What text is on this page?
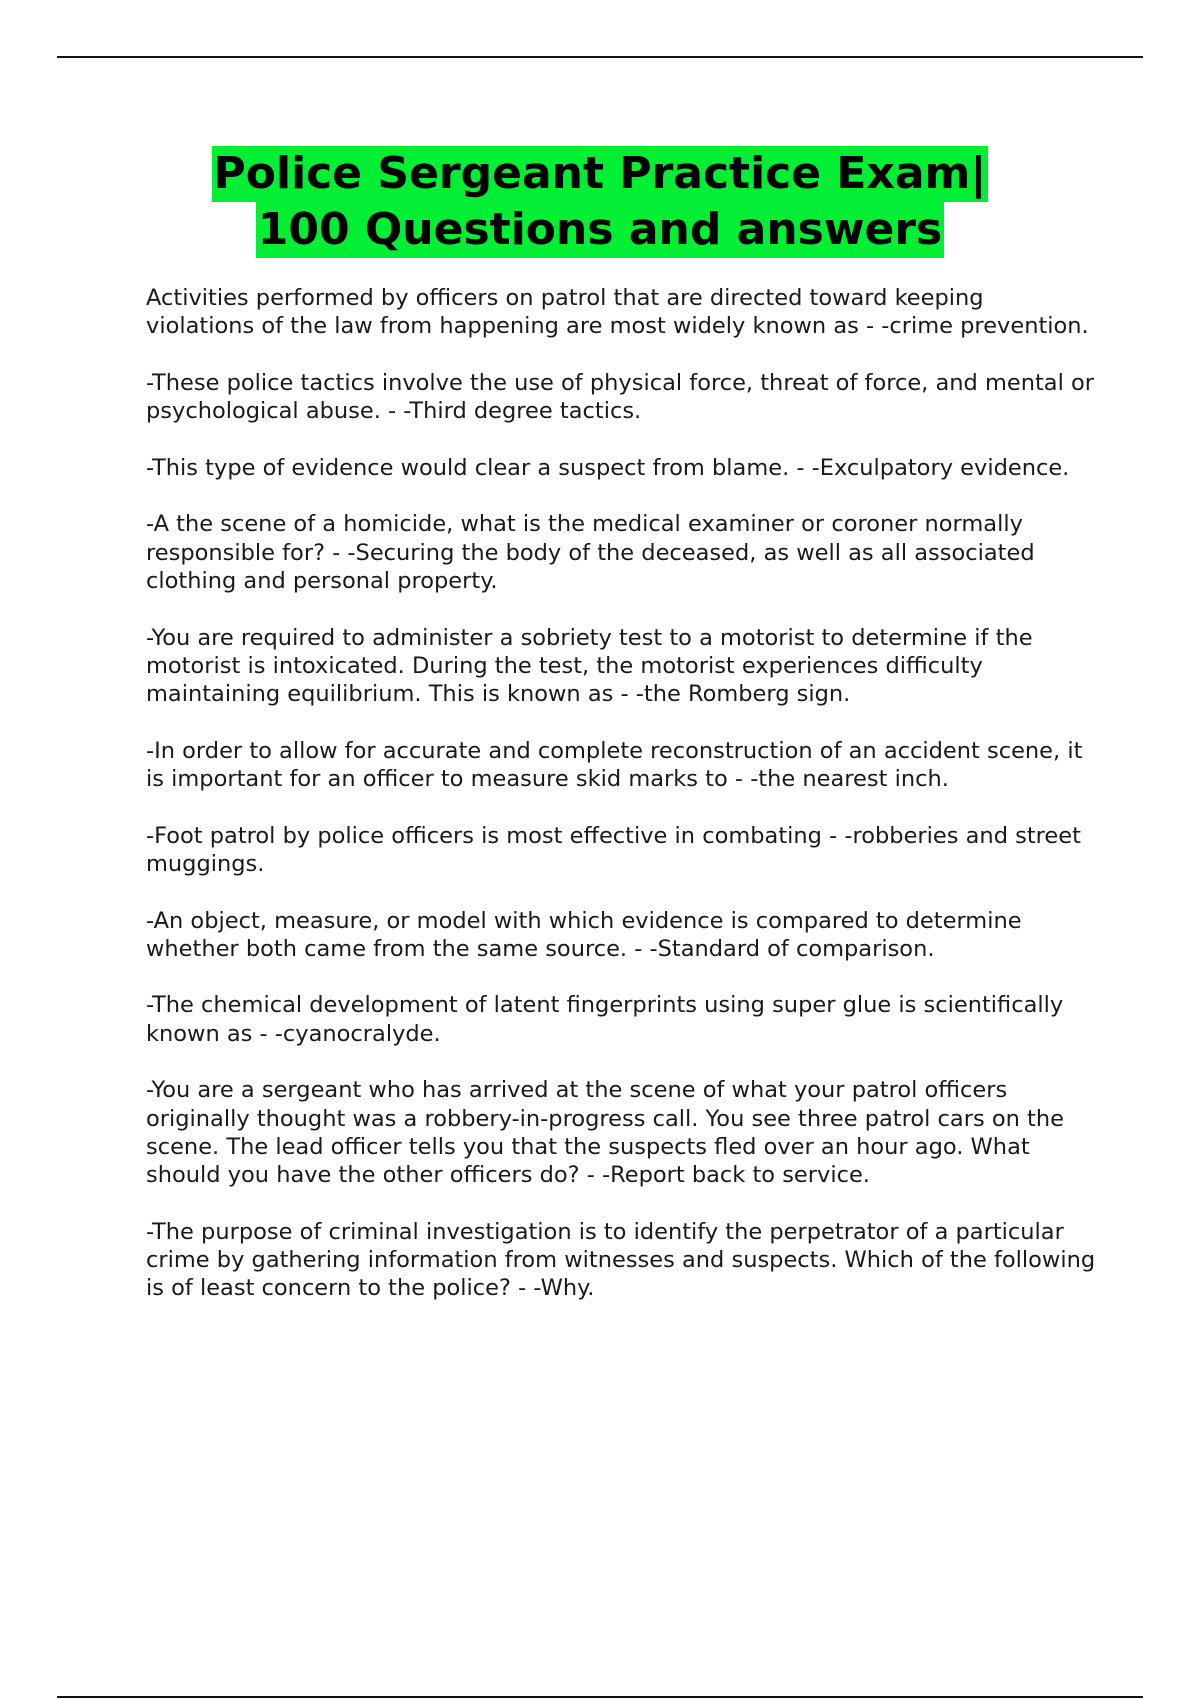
Police Sergeant Practice Exam|
100 Questions and answers

Activities performed by officers on patrol that are directed toward keeping violations of the law from happening are most widely known as - -crime prevention.

-These police tactics involve the use of physical force, threat of force, and mental or psychological abuse. - -Third degree tactics.

-This type of evidence would clear a suspect from blame. - -Exculpatory evidence.

-A the scene of a homicide, what is the medical examiner or coroner normally responsible for? - -Securing the body of the deceased, as well as all associated clothing and personal property.

-You are required to administer a sobriety test to a motorist to determine if the motorist is intoxicated. During the test, the motorist experiences difficulty maintaining equilibrium. This is known as - -the Romberg sign.

-In order to allow for accurate and complete reconstruction of an accident scene, it is important for an officer to measure skid marks to - -the nearest inch.

-Foot patrol by police officers is most effective in combating - -robberies and street muggings.

-An object, measure, or model with which evidence is compared to determine whether both came from the same source. - -Standard of comparison.

-The chemical development of latent fingerprints using super glue is scientifically known as - -cyanocralyde.

-You are a sergeant who has arrived at the scene of what your patrol officers originally thought was a robbery-in-progress call. You see three patrol cars on the scene. The lead officer tells you that the suspects fled over an hour ago. What should you have the other officers do? - -Report back to service.

-The purpose of criminal investigation is to identify the perpetrator of a particular crime by gathering information from witnesses and suspects. Which of the following is of least concern to the police? - -Why.
